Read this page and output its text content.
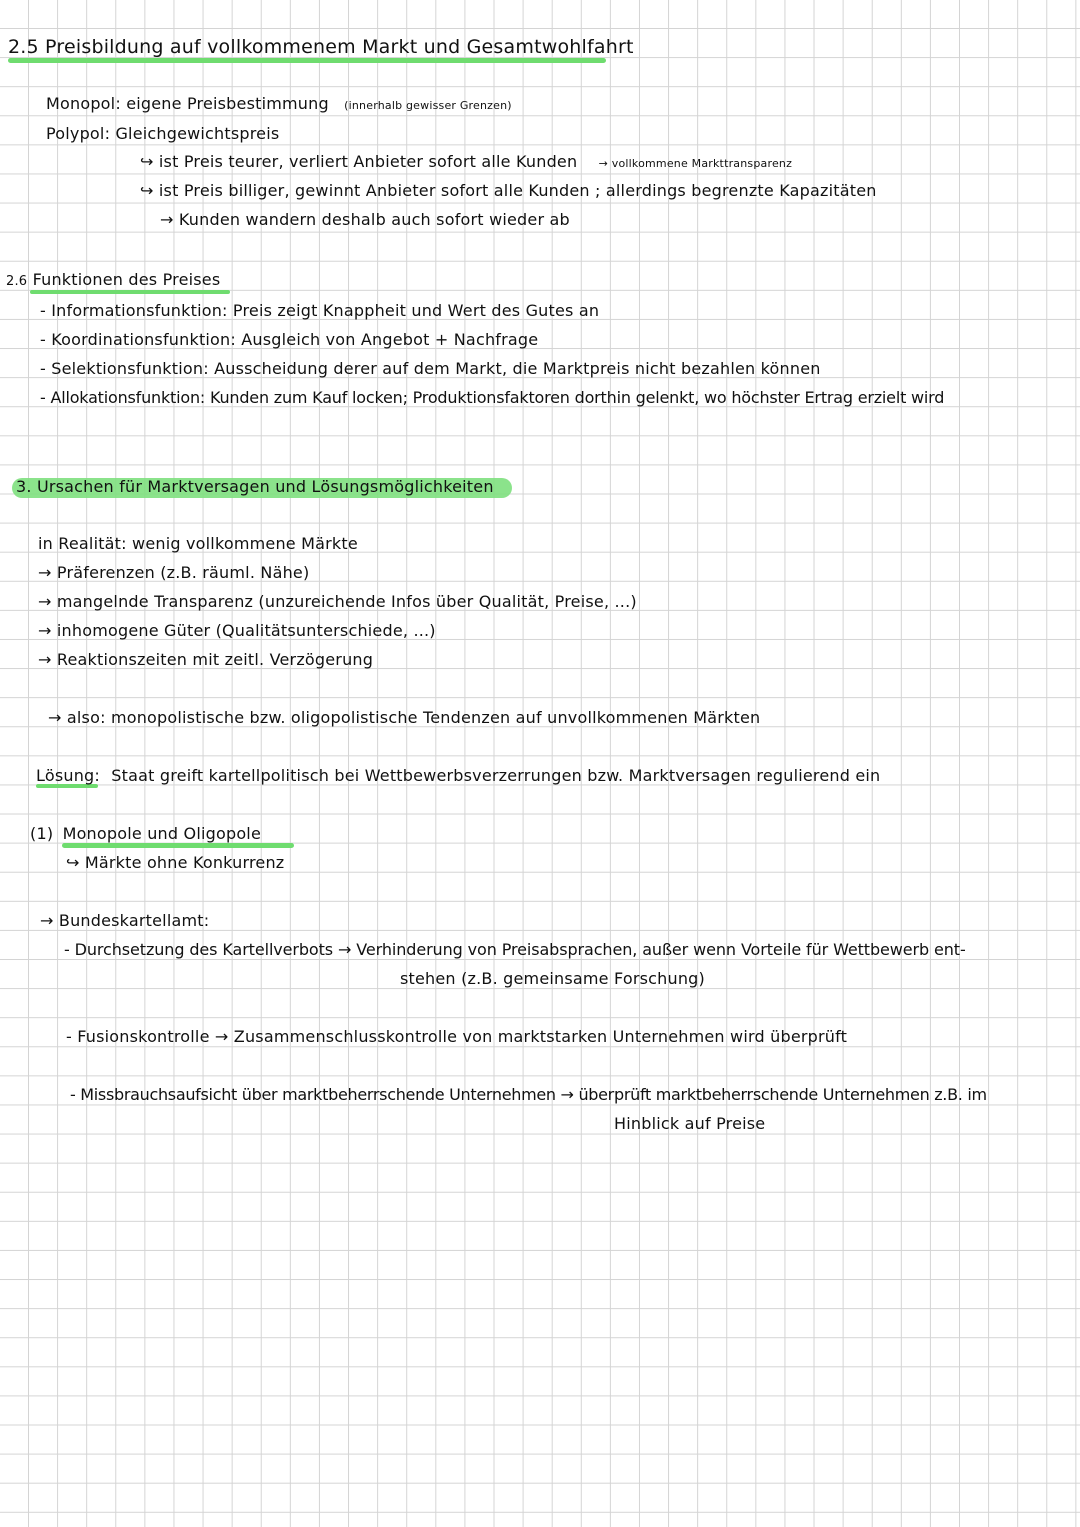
2.5 Preisbildung auf vollkommenem Markt und Gesamtwohlfahrt
Monopol: eigene Preisbestimmung (innerhalb gewisser Grenzen)
Polypol: Gleichgewichtspreis
↪ ist Preis teurer, verliert Anbieter sofort alle Kunden → vollkommene Markttransparenz
↪ ist Preis billiger, gewinnt Anbieter sofort alle Kunden ; allerdings begrenzte Kapazitäten
→ Kunden wandern deshalb auch sofort wieder ab
2.6 Funktionen des Preises
- Informationsfunktion: Preis zeigt Knappheit und Wert des Gutes an
- Koordinationsfunktion: Ausgleich von Angebot + Nachfrage
- Selektionsfunktion: Ausscheidung derer auf dem Markt, die Marktpreis nicht bezahlen können
- Allokationsfunktion: Kunden zum Kauf locken; Produktionsfaktoren dorthin gelenkt, wo höchster Ertrag erzielt wird
3. Ursachen für Marktversagen und Lösungsmöglichkeiten
in Realität: wenig vollkommene Märkte
→ Präferenzen (z.B. räuml. Nähe)
→ mangelnde Transparenz (unzureichende Infos über Qualität, Preise, ...)
→ inhomogene Güter (Qualitätsunterschiede, ...)
→ Reaktionszeiten mit zeitl. Verzögerung
→ also: monopolistische bzw. oligopolistische Tendenzen auf unvollkommenen Märkten
Lösung: Staat greift kartellpolitisch bei Wettbewerbsverzerrungen bzw. Marktversagen regulierend ein
(1) Monopole und Oligopole
↪ Märkte ohne Konkurrenz
→ Bundeskartellamt:
- Durchsetzung des Kartellverbots → Verhinderung von Preisabsprachen, außer wenn Vorteile für Wettbewerb ent-
stehen (z.B. gemeinsame Forschung)
- Fusionskontrolle → Zusammenschlusskontrolle von marktstarken Unternehmen wird überprüft
- Missbrauchsaufsicht über marktbeherrschende Unternehmen → überprüft marktbeherrschende Unternehmen z.B. im
Hinblick auf Preise
